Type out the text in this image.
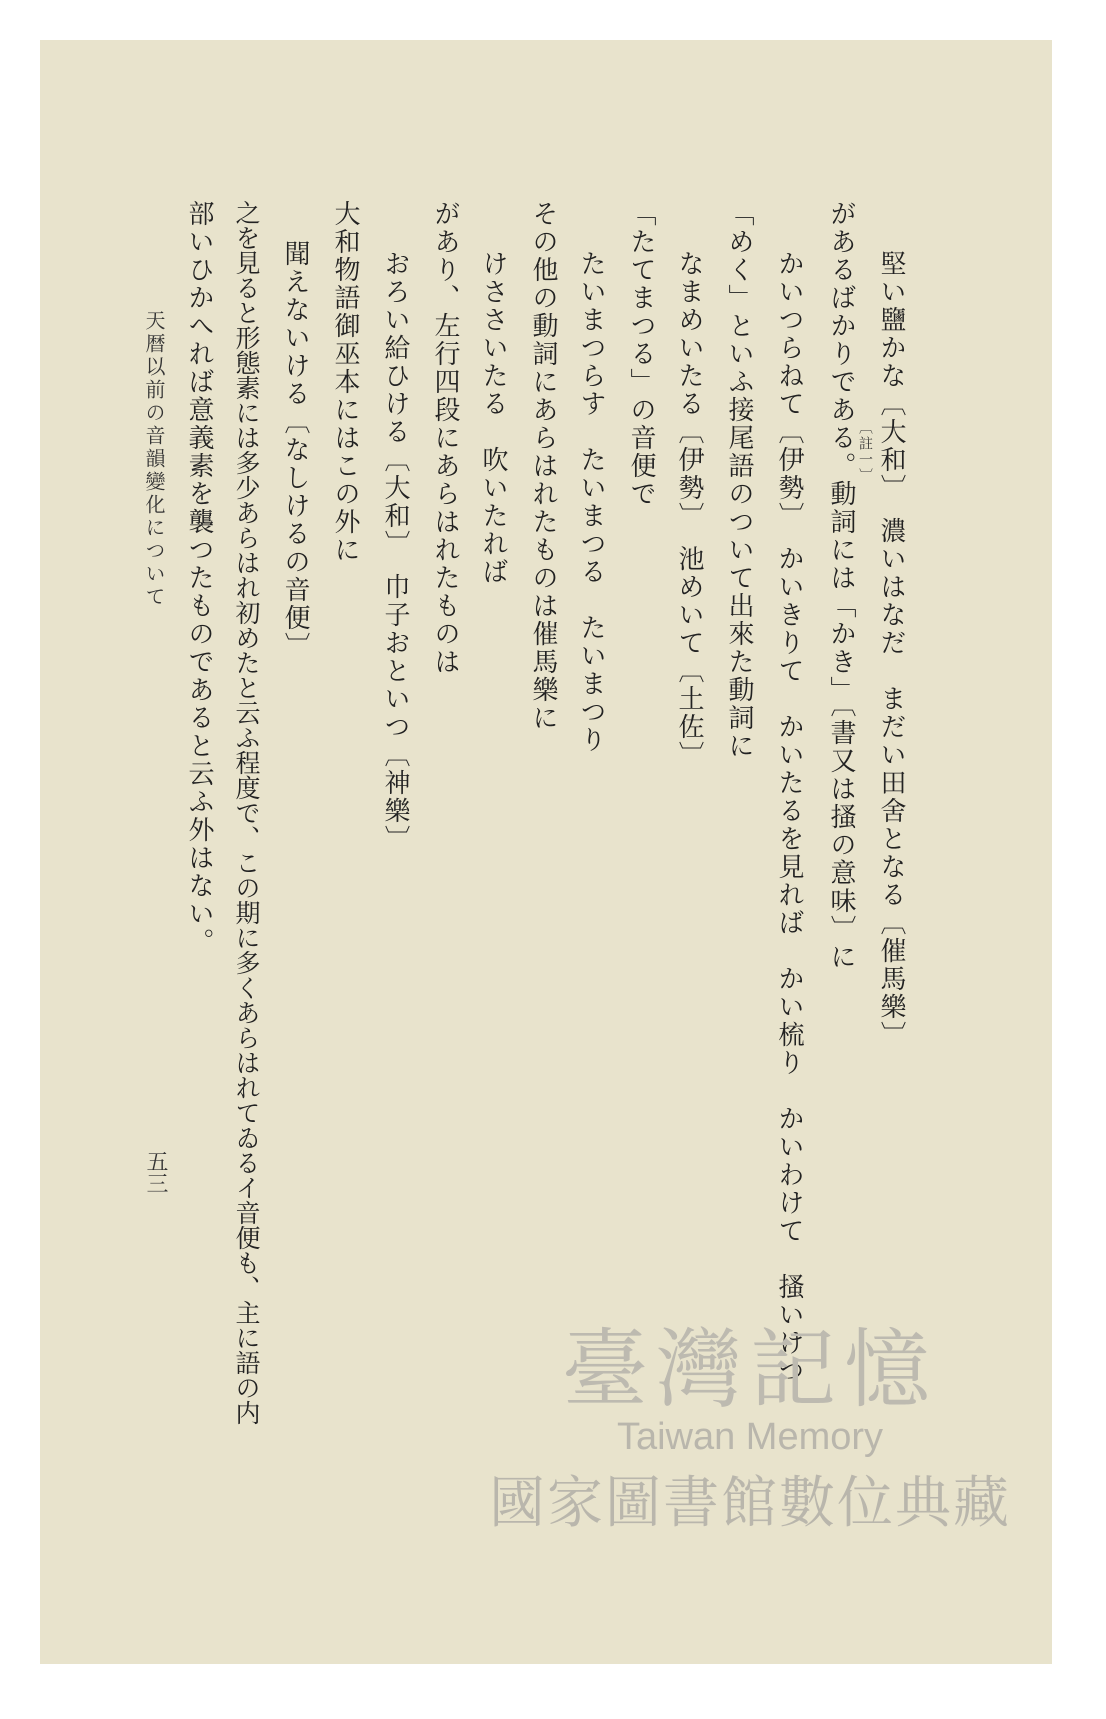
堅い鹽かな〔大和〕　濃いはなだ　まだい田舍となる〔催馬樂〕
があるばかりである。動詞には「かき」〔書又は搔の意味〕に 〔註一〕
かいつらねて〔伊勢〕　かいきりて　かいたるを見れば　かい梳り　かいわけて　搔いけつ
「めく」といふ接尾語のついて出來た動詞に
なまめいたる〔伊勢〕　池めいて〔土佐〕
「たてまつる」の音便で
たいまつらす　たいまつる　たいまつり
その他の動詞にあらはれたものは催馬樂に
けささいたる　吹いたれば
があり、左行四段にあらはれたものは
おろい給ひける〔大和〕　巾子おといつ〔神樂〕
大和物語御巫本にはこの外に
聞えないける〔なしけるの音便〕
之を見ると形態素には多少あらはれ初めたと云ふ程度で、この期に多くあらはれてゐるイ音便も、主に語の内
部いひかへれば意義素を襲つたものであると云ふ外はない。
天暦以前の音韻變化について
五三
臺灣記憶
Taiwan Memory
國家圖書館數位典藏
